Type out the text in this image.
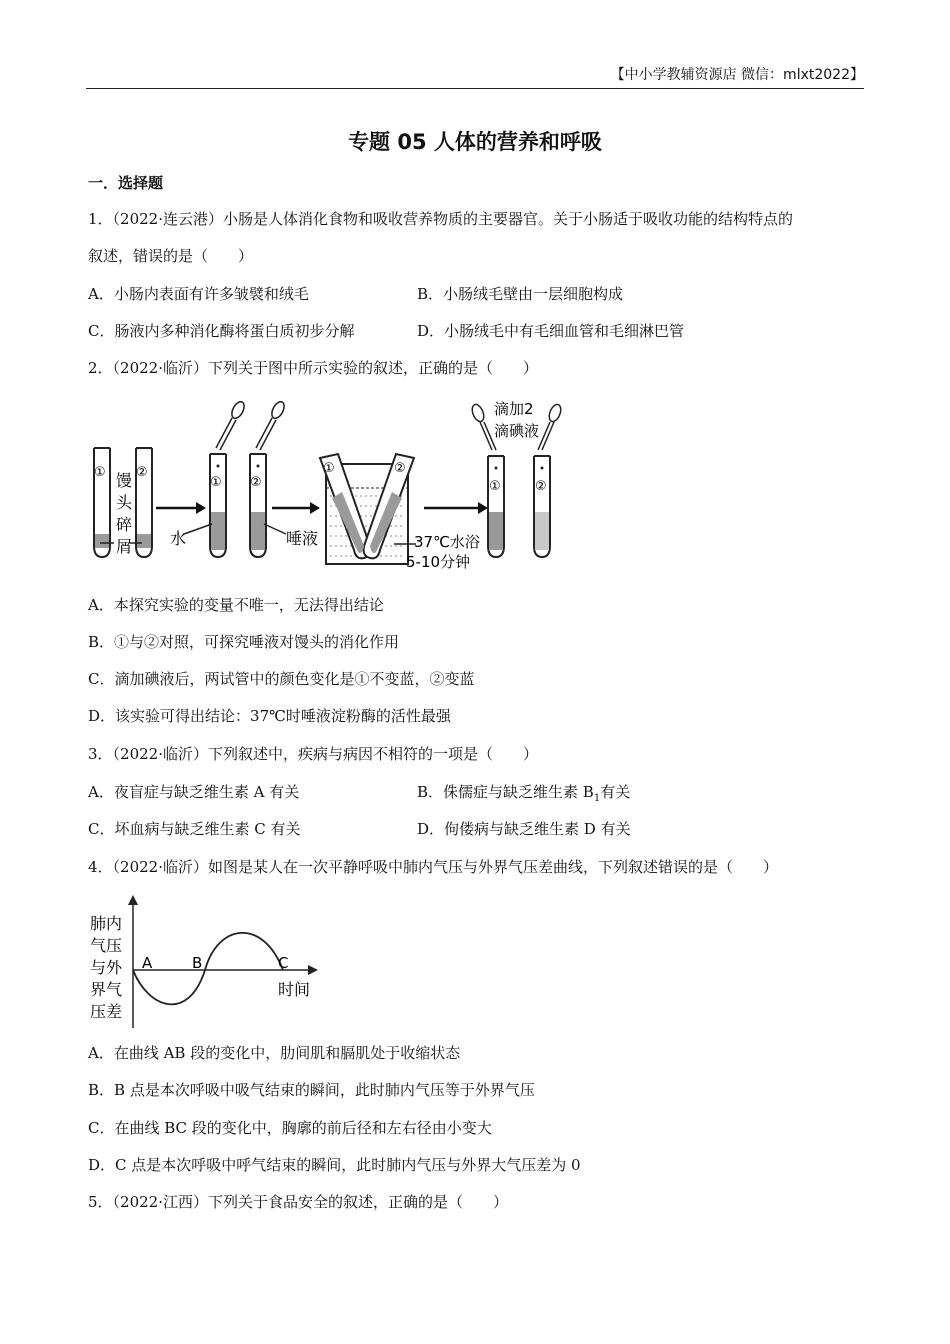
【中小学教辅资源店 微信：mlxt2022】
专题 05 人体的营养和呼吸
一．选择题
1．（2022·连云港）小肠是人体消化食物和吸收营养物质的主要器官。关于小肠适于吸收功能的结构特点的
叙述，错误的是（　　）
A．小肠内表面有许多皱襞和绒毛	B．小肠绒毛壁由一层细胞构成
C．肠液内多种消化酶将蛋白质初步分解	D．小肠绒毛中有毛细血管和毛细淋巴管
2．（2022·临沂）下列关于图中所示实验的叙述，正确的是（　　）
① ②
馒
头
碎
屑
① ②
水	唾液
①	②
37℃水浴
5-10分钟
滴加2
滴碘液
①	②
A．本探究实验的变量不唯一，无法得出结论
B．①与②对照，可探究唾液对馒头的消化作用
C．滴加碘液后，两试管中的颜色变化是①不变蓝，②变蓝
D．该实验可得出结论：37℃时唾液淀粉酶的活性最强
3．（2022·临沂）下列叙述中，疾病与病因不相符的一项是（　　）
A．夜盲症与缺乏维生素 A 有关	B．侏儒症与缺乏维生素 $B_1$有关
C．坏血病与缺乏维生素 C 有关	D．佝偻病与缺乏维生素 D 有关
4．（2022·临沂）如图是某人在一次平静呼吸中肺内气压与外界气压差曲线，下列叙述错误的是（　　）
肺内
气压
与外
界气
压差
A	B	C
时间
A．在曲线 AB 段的变化中，肋间肌和膈肌处于收缩状态
B．B 点是本次呼吸中吸气结束的瞬间，此时肺内气压等于外界气压
C．在曲线 BC 段的变化中，胸廓的前后径和左右径由小变大
D．C 点是本次呼吸中呼气结束的瞬间，此时肺内气压与外界大气压差为 0
5．（2022·江西）下列关于食品安全的叙述，正确的是（　　）
